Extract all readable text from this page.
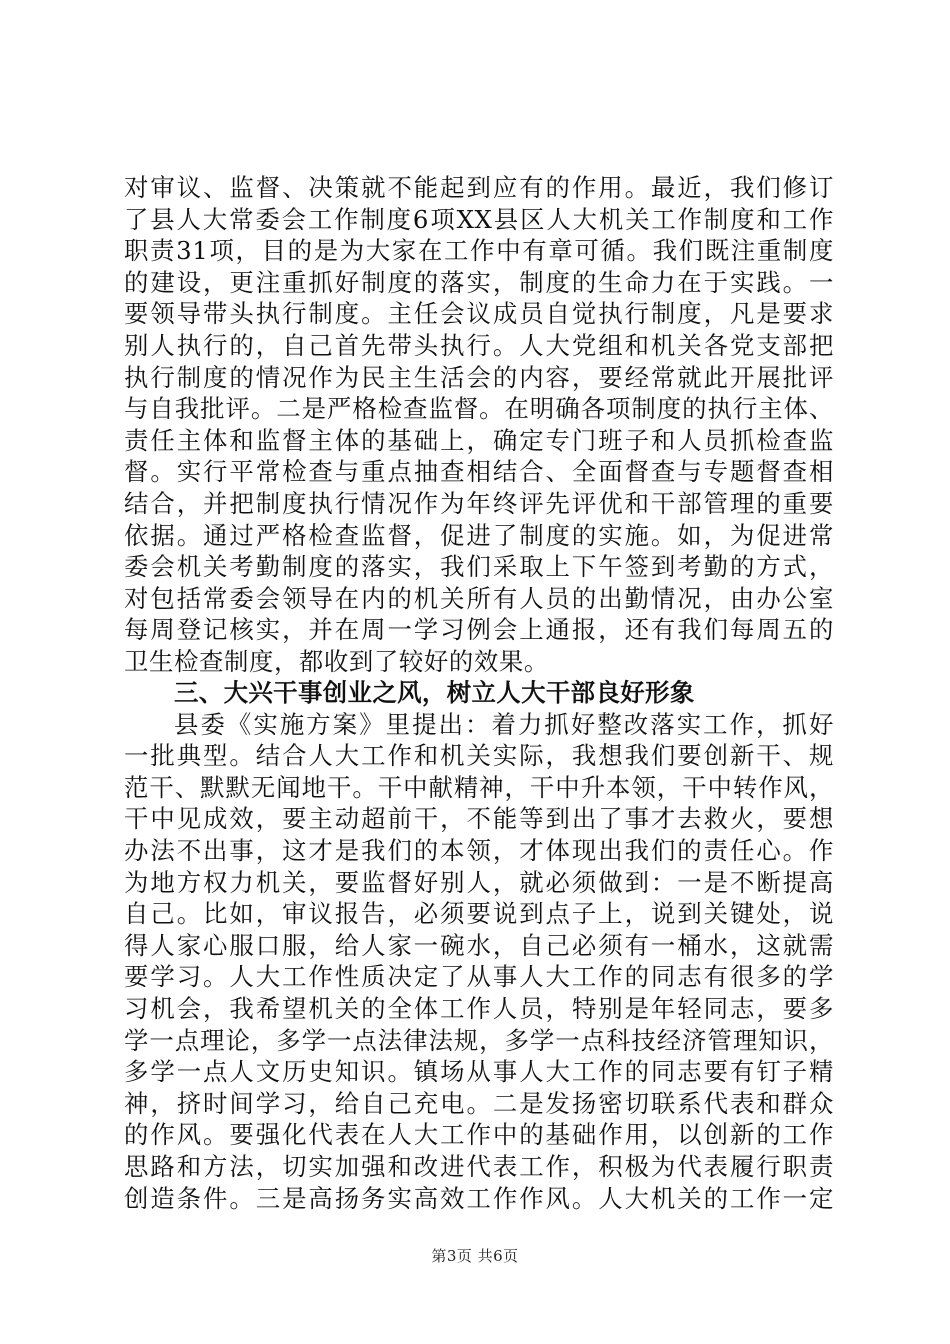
对审议、监督、决策就不能起到应有的作用。最近，我们修订
了县人大常委会工作制度6项XX县区人大机关工作制度和工作
职责31项，目的是为大家在工作中有章可循。我们既注重制度
的建设，更注重抓好制度的落实，制度的生命力在于实践。一
要领导带头执行制度。主任会议成员自觉执行制度，凡是要求
别人执行的，自己首先带头执行。人大党组和机关各党支部把
执行制度的情况作为民主生活会的内容，要经常就此开展批评
与自我批评。二是严格检查监督。在明确各项制度的执行主体、
责任主体和监督主体的基础上，确定专门班子和人员抓检查监
督。实行平常检查与重点抽查相结合、全面督查与专题督查相
结合，并把制度执行情况作为年终评先评优和干部管理的重要
依据。通过严格检查监督，促进了制度的实施。如，为促进常
委会机关考勤制度的落实，我们采取上下午签到考勤的方式，
对包括常委会领导在内的机关所有人员的出勤情况，由办公室
每周登记核实，并在周一学习例会上通报，还有我们每周五的
卫生检查制度，都收到了较好的效果。
三、大兴干事创业之风，树立人大干部良好形象
县委《实施方案》里提出：着力抓好整改落实工作，抓好
一批典型。结合人大工作和机关实际，我想我们要创新干、规
范干、默默无闻地干。干中献精神，干中升本领，干中转作风，
干中见成效，要主动超前干，不能等到出了事才去救火，要想
办法不出事，这才是我们的本领，才体现出我们的责任心。作
为地方权力机关，要监督好别人，就必须做到：一是不断提高
自己。比如，审议报告，必须要说到点子上，说到关键处，说
得人家心服口服，给人家一碗水，自己必须有一桶水，这就需
要学习。人大工作性质决定了从事人大工作的同志有很多的学
习机会，我希望机关的全体工作人员，特别是年轻同志，要多
学一点理论，多学一点法律法规，多学一点科技经济管理知识，
多学一点人文历史知识。镇场从事人大工作的同志要有钉子精
神，挤时间学习，给自己充电。二是发扬密切联系代表和群众
的作风。要强化代表在人大工作中的基础作用，以创新的工作
思路和方法，切实加强和改进代表工作，积极为代表履行职责
创造条件。三是高扬务实高效工作作风。人大机关的工作一定
第3页 共6页
